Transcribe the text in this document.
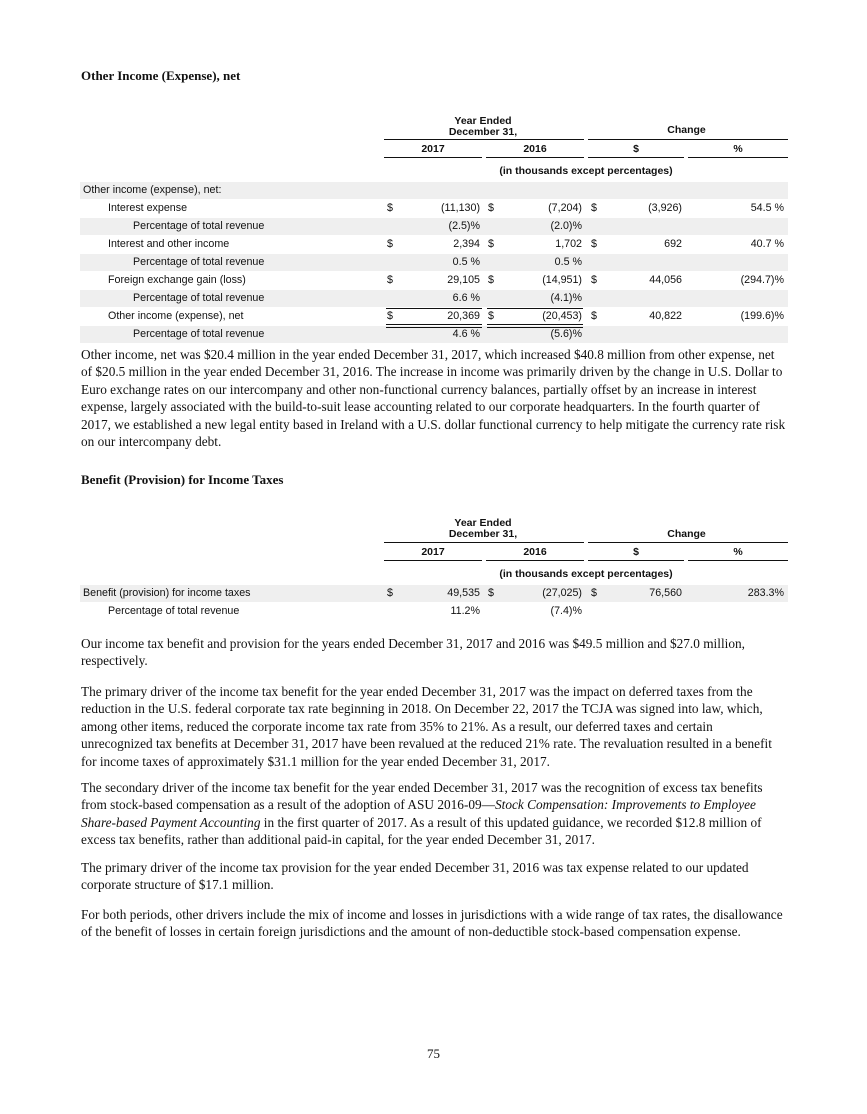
Other Income (Expense), net
Year Ended
December 31,	Change
2017	2016	$	%
(in thousands except percentages)
Other income (expense), net:
Interest expense	$	(11,130) $	(7,204) $	(3,926)	54.5 %
Percentage of total revenue	(2.5)%	(2.0)%
Interest and other income	$	2,394 $	1,702 $	692	40.7 %
Percentage of total revenue	0.5 %	0.5 %
Foreign exchange gain (loss)	$	29,105 $	(14,951) $	44,056	(294.7)%
Percentage of total revenue	6.6 %	(4.1)%
Other income (expense), net	$	20,369 $	(20,453) $	40,822	(199.6)%
Percentage of total revenue	4.6 %	(5.6)%

Other income, net was $20.4 million in the year ended December 31, 2017, which increased $40.8 million from other expense, net of $20.5 million in the year ended December 31, 2016. The increase in income was primarily driven by the change in U.S. Dollar to Euro exchange rates on our intercompany and other non-functional currency balances, partially offset by an increase in interest expense, largely associated with the build-to-suit lease accounting related to our corporate headquarters. In the fourth quarter of 2017, we established a new legal entity based in Ireland with a U.S. dollar functional currency to help mitigate the currency rate risk on our intercompany debt.

Benefit (Provision) for Income Taxes
Year Ended
December 31,	Change
2017	2016	$	%
(in thousands except percentages)
Benefit (provision) for income taxes	$	49,535 $	(27,025) $	76,560	283.3%
Percentage of total revenue	11.2%	(7.4)%

Our income tax benefit and provision for the years ended December 31, 2017 and 2016 was $49.5 million and $27.0 million, respectively.

The primary driver of the income tax benefit for the year ended December 31, 2017 was the impact on deferred taxes from the reduction in the U.S. federal corporate tax rate beginning in 2018. On December 22, 2017 the TCJA was signed into law, which, among other items, reduced the corporate income tax rate from 35% to 21%. As a result, our deferred taxes and certain unrecognized tax benefits at December 31, 2017 have been revalued at the reduced 21% rate. The revaluation resulted in a benefit for income taxes of approximately $31.1 million for the year ended December 31, 2017.

The secondary driver of the income tax benefit for the year ended December 31, 2017 was the recognition of excess tax benefits from stock-based compensation as a result of the adoption of ASU 2016-09—Stock Compensation: Improvements to Employee Share-based Payment Accounting in the first quarter of 2017. As a result of this updated guidance, we recorded $12.8 million of excess tax benefits, rather than additional paid-in capital, for the year ended December 31, 2017.

The primary driver of the income tax provision for the year ended December 31, 2016 was tax expense related to our updated corporate structure of $17.1 million.

For both periods, other drivers include the mix of income and losses in jurisdictions with a wide range of tax rates, the disallowance of the benefit of losses in certain foreign jurisdictions and the amount of non-deductible stock-based compensation expense.

75
